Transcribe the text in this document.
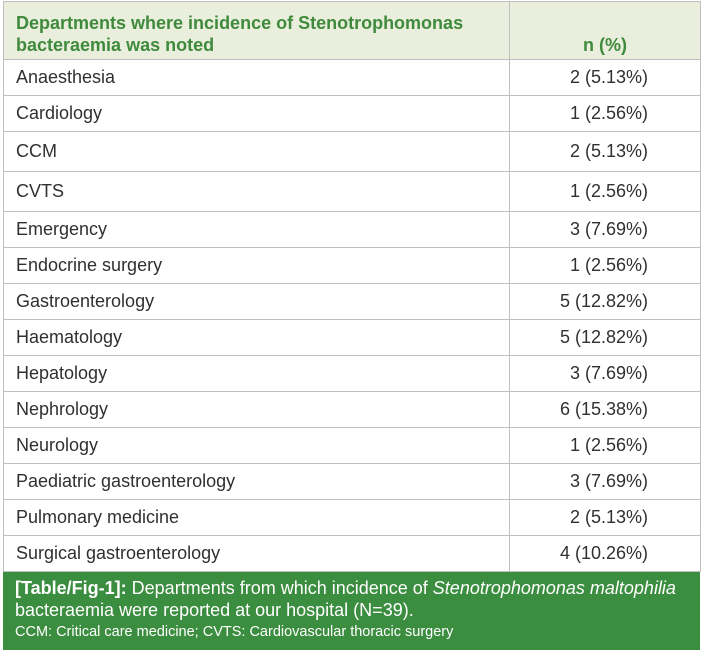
Departments where incidence of Stenotrophomonas bacteraemia was noted	n (%)
Anaesthesia	2 (5.13%)
Cardiology	1 (2.56%)
CCM	2 (5.13%)
CVTS	1 (2.56%)
Emergency	3 (7.69%)
Endocrine surgery	1 (2.56%)
Gastroenterology	5 (12.82%)
Haematology	5 (12.82%)
Hepatology	3 (7.69%)
Nephrology	6 (15.38%)
Neurology	1 (2.56%)
Paediatric gastroenterology	3 (7.69%)
Pulmonary medicine	2 (5.13%)
Surgical gastroenterology	4 (10.26%)
[Table/Fig-1]: Departments from which incidence of Stenotrophomonas maltophilia bacteraemia were reported at our hospital (N=39).
CCM: Critical care medicine; CVTS: Cardiovascular thoracic surgery
